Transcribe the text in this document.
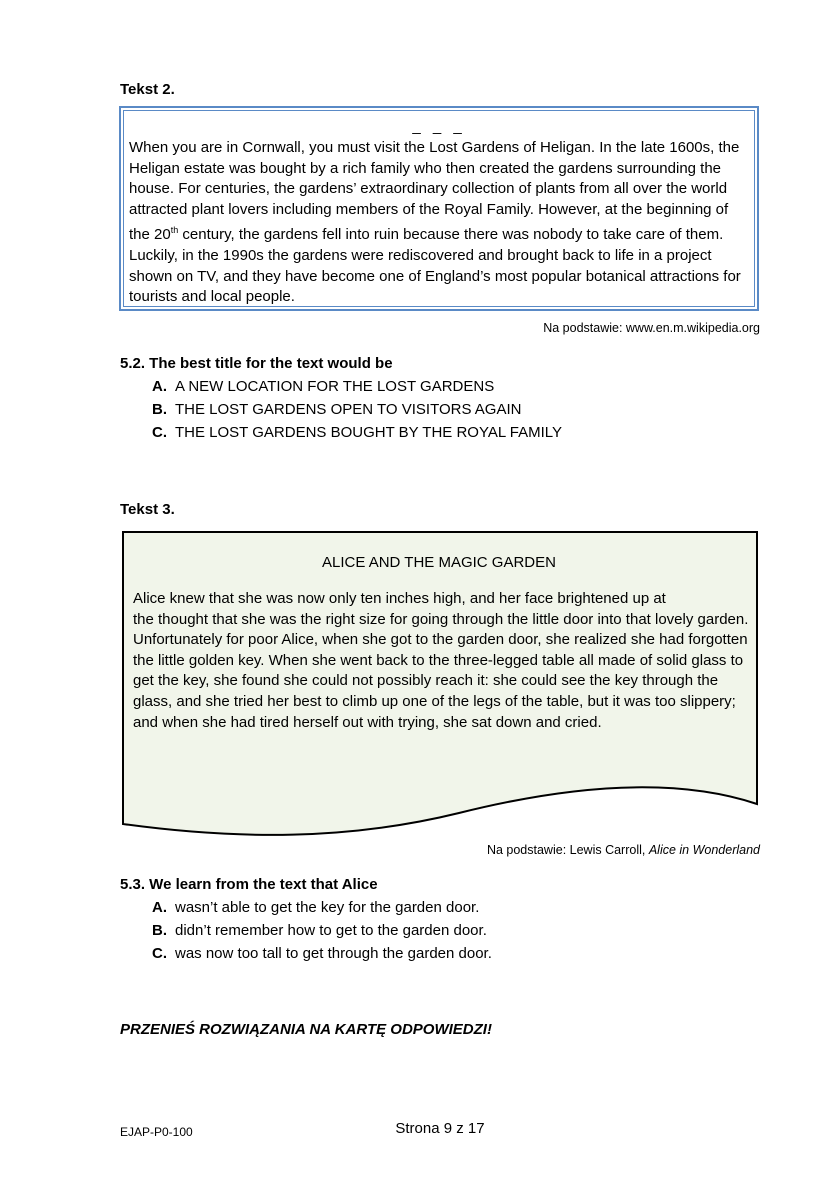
Tekst 2.
_ _ _
When you are in Cornwall, you must visit the Lost Gardens of Heligan. In the late 1600s, the Heligan estate was bought by a rich family who then created the gardens surrounding the house. For centuries, the gardens’ extraordinary collection of plants from all over the world attracted plant lovers including members of the Royal Family. However, at the beginning of the 20th century, the gardens fell into ruin because there was nobody to take care of them. Luckily, in the 1990s the gardens were rediscovered and brought back to life in a project shown on TV, and they have become one of England’s most popular botanical attractions for tourists and local people.
Na podstawie: www.en.m.wikipedia.org
5.2. The best title for the text would be
A. A NEW LOCATION FOR THE LOST GARDENS
B. THE LOST GARDENS OPEN TO VISITORS AGAIN
C. THE LOST GARDENS BOUGHT BY THE ROYAL FAMILY
Tekst 3.
ALICE AND THE MAGIC GARDEN
Alice knew that she was now only ten inches high, and her face brightened up at
the thought that she was the right size for going through the little door into that lovely garden.
Unfortunately for poor Alice, when she got to the garden door, she realized she had forgotten the little golden key. When she went back to the three-legged table all made of solid glass to get the key, she found she could not possibly reach it: she could see the key through the glass, and she tried her best to climb up one of the legs of the table, but it was too slippery; and when she had tired herself out with trying, she sat down and cried.
Na podstawie: Lewis Carroll, Alice in Wonderland
5.3. We learn from the text that Alice
A. wasn’t able to get the key for the garden door.
B. didn’t remember how to get to the garden door.
C. was now too tall to get through the garden door.
PRZENIEŚ ROZWIĄZANIA NA KARTĘ ODPOWIEDZI!
EJAP-P0-100	Strona 9 z 17
